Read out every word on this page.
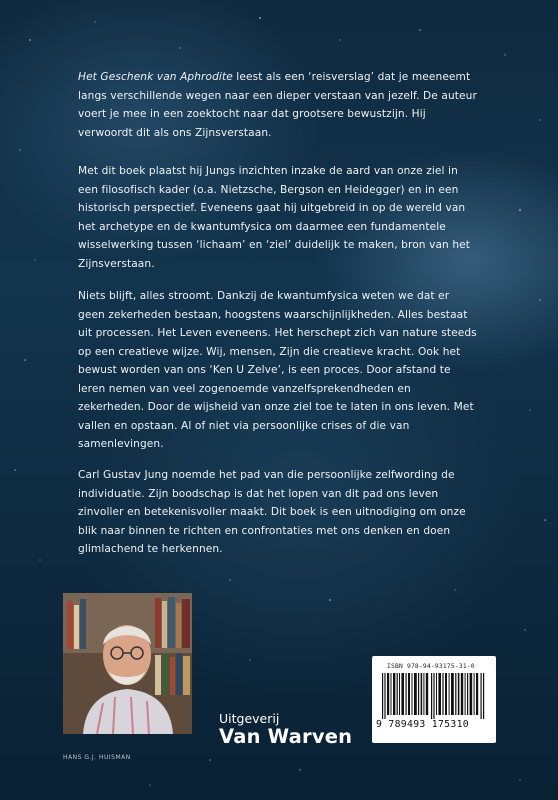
Het Geschenk van Aphrodite leest als een ‘reisverslag’ dat je meeneemt langs verschillende wegen naar een dieper verstaan van jezelf. De auteur voert je mee in een zoektocht naar dat grootsere bewustzijn. Hij verwoordt dit als ons Zijnsverstaan.
Met dit boek plaatst hij Jungs inzichten inzake de aard van onze ziel in een filosofisch kader (o.a. Nietzsche, Bergson en Heidegger) en in een historisch perspectief. Eveneens gaat hij uitgebreid in op de wereld van het archetype en de kwantumfysica om daarmee een fundamentele wisselwerking tussen ‘lichaam’ en ‘ziel’ duidelijk te maken, bron van het Zijnsverstaan.
Niets blijft, alles stroomt. Dankzij de kwantumfysica weten we dat er geen zekerheden bestaan, hoogstens waarschijnlijkheden. Alles bestaat uit processen. Het Leven eveneens. Het herschept zich van nature steeds op een creatieve wijze. Wij, mensen, Zijn die creatieve kracht. Ook het bewust worden van ons ‘Ken U Zelve’, is een proces. Door afstand te leren nemen van veel zogenoemde vanzelfsprekendheden en zekerheden. Door de wijsheid van onze ziel toe te laten in ons leven. Met vallen en opstaan. Al of niet via persoonlijke crises of die van samenlevingen.
Carl Gustav Jung noemde het pad van die persoonlijke zelfwording de individuatie. Zijn boodschap is dat het lopen van dit pad ons leven zinvoller en betekenisvoller maakt. Dit boek is een uitnodiging om onze blik naar binnen te richten en confrontaties met ons denken en doen glimlachend te herkennen.
HANS G.J. HUISMAN
Uitgeverij
Van Warven
ISBN 978-94-93175-31-0
9 789493 175310
